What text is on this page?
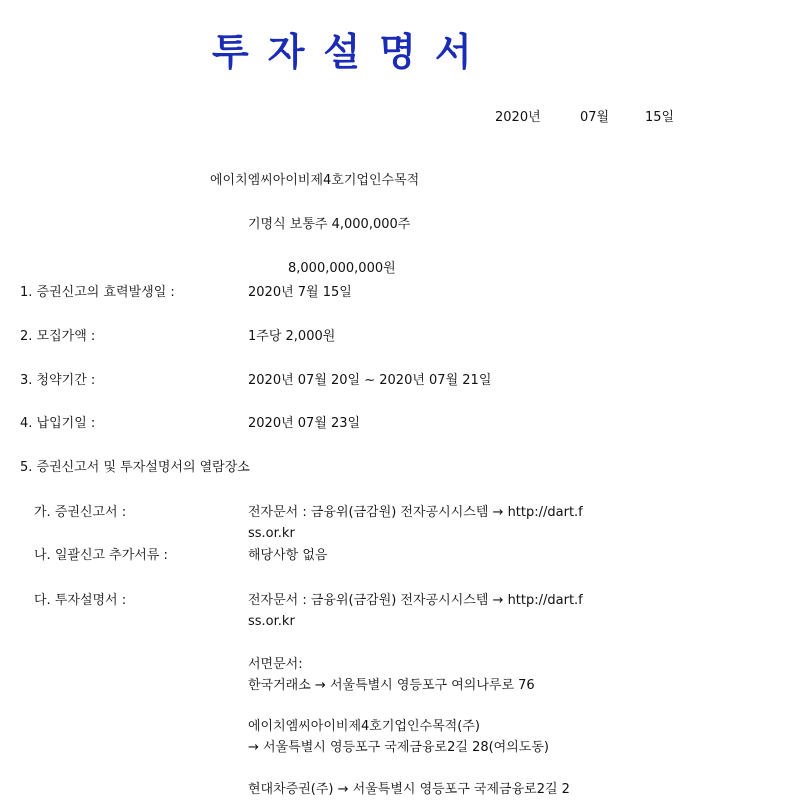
투자설명서
2020년	07월	15일
에이치엠씨아이비제4호기업인수목적
기명식 보통주 4,000,000주
8,000,000,000원
1. 증권신고의 효력발생일 :	2020년 7월 15일
2. 모집가액 :	1주당 2,000원
3. 청약기간 :	2020년 07월 20일 ~ 2020년 07월 21일
4. 납입기일 :	2020년 07월 23일
5. 증권신고서 및 투자설명서의 열람장소
가. 증권신고서 :	전자문서 : 금융위(금감원) 전자공시시스템 → http://dart.f
ss.or.kr
나. 일괄신고 추가서류 :	해당사항 없음
다. 투자설명서 :	전자문서 : 금융위(금감원) 전자공시시스템 → http://dart.f
ss.or.kr
서면문서:
한국거래소 → 서울특별시 영등포구 여의나루로 76
에이치엠씨아이비제4호기업인수목적(주)
→ 서울특별시 영등포구 국제금융로2길 28(여의도동)
현대차증권(주) → 서울특별시 영등포구 국제금융로2길 2
